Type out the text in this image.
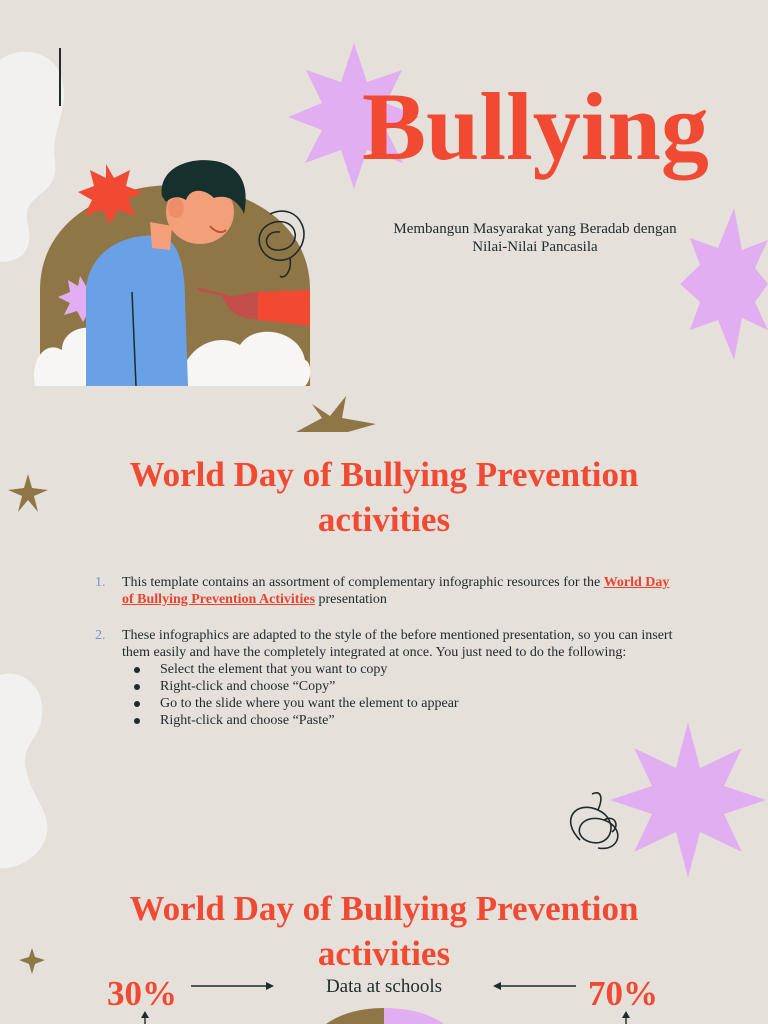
Bullying

Membangun Masyarakat yang Beradab dengan Nilai-Nilai Pancasila

World Day of Bullying Prevention activities
1. This template contains an assortment of complementary infographic resources for the World Day of Bullying Prevention Activities presentation
2. These infographics are adapted to the style of the before mentioned presentation, so you can insert them easily and have the completely integrated at once. You just need to do the following:
Select the element that you want to copy
Right-click and choose “Copy”
Go to the slide where you want the element to appear
Right-click and choose “Paste”
World Day of Bullying Prevention activities

30%	Data at schools	70%
